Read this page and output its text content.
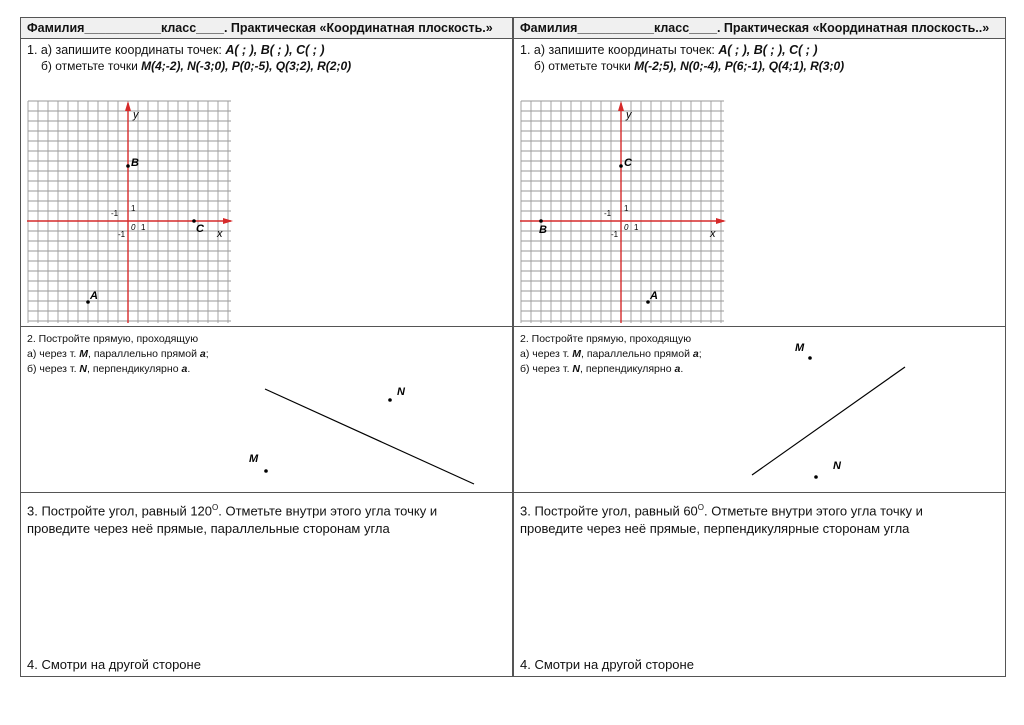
Фамилия___________класс____. Практическая «Координатная плоскость.»
1. а) запишите координаты точек: А( ; ), B( ; ), C( ; )
б) отметьте точки M(4;-2), N(-3;0), P(0;-5), Q(3;2), R(2;0)
y
x
0 1
1
-1
-1
B
C
A
2. Постройте прямую, проходящую
а) через т. M, параллельно прямой а;
б) через т. N, перпендикулярно а.
N
M
3. Постройте угол, равный $120^О$. Отметьте внутри этого угла точку и проведите через неё прямые, параллельные сторонам угла
4. Смотри на другой стороне
Фамилия___________класс____. Практическая «Координатная плоскость..»
1. а) запишите координаты точек: А( ; ), B( ; ), C( ; )
б) отметьте точки M(-2;5), N(0;-4), P(6;-1), Q(4;1), R(3;0)
y
x
0 1
1
-1
-1
C
B
A
2. Постройте прямую, проходящую
а) через т. M, параллельно прямой а;
б) через т. N, перпендикулярно а.
M
N
3. Постройте угол, равный $60^О$. Отметьте внутри этого угла точку и проведите через неё прямые, перпендикулярные сторонам угла
4. Смотри на другой стороне
